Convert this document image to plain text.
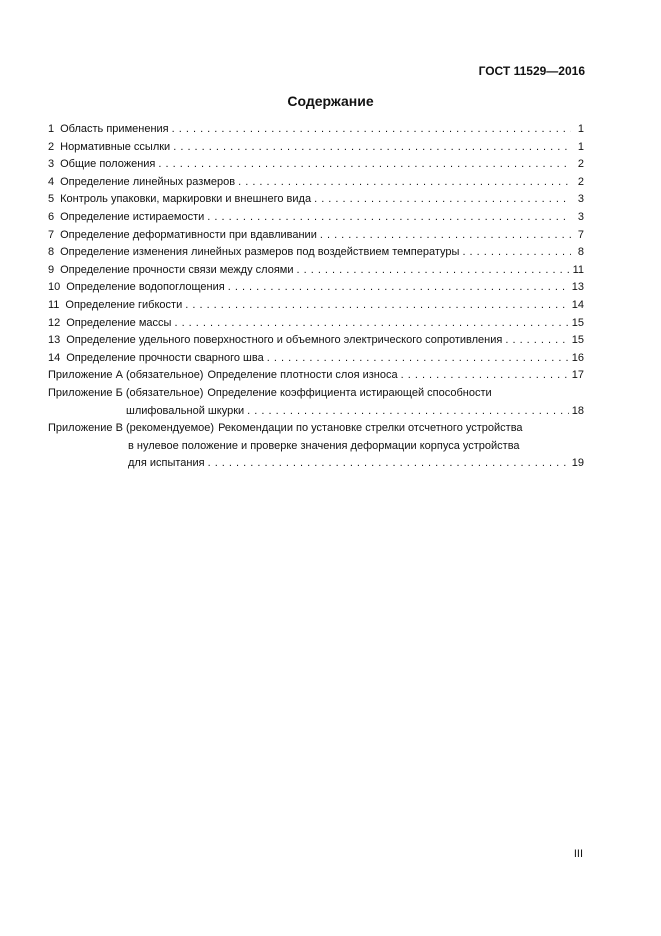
ГОСТ 11529—2016
Содержание
1 Область применения . . .	1
2 Нормативные ссылки . . .	1
3 Общие положения . . .	2
4 Определение линейных размеров . . .	2
5 Контроль упаковки, маркировки и внешнего вида . . .	3
6 Определение истираемости . . .	3
7 Определение деформативности при вдавливании . . .	7
8 Определение изменения линейных размеров под воздействием температуры . . .	8
9 Определение прочности связи между слоями . . .	11
10 Определение водопоглощения . . .	13
11 Определение гибкости . . .	14
12 Определение массы . . .	15
13 Определение удельного поверхностного и объемного электрического сопротивления . . .	15
14 Определение прочности сварного шва . . .	16
Приложение А (обязательное) Определение плотности слоя износа . . .	17
Приложение Б (обязательное) Определение коэффициента истирающей способности
шлифовальной шкурки . . .	18
Приложение В (рекомендуемое) Рекомендации по установке стрелки отсчетного устройства
в нулевое положение и проверке значения деформации корпуса устройства
для испытания . . .	19
III
